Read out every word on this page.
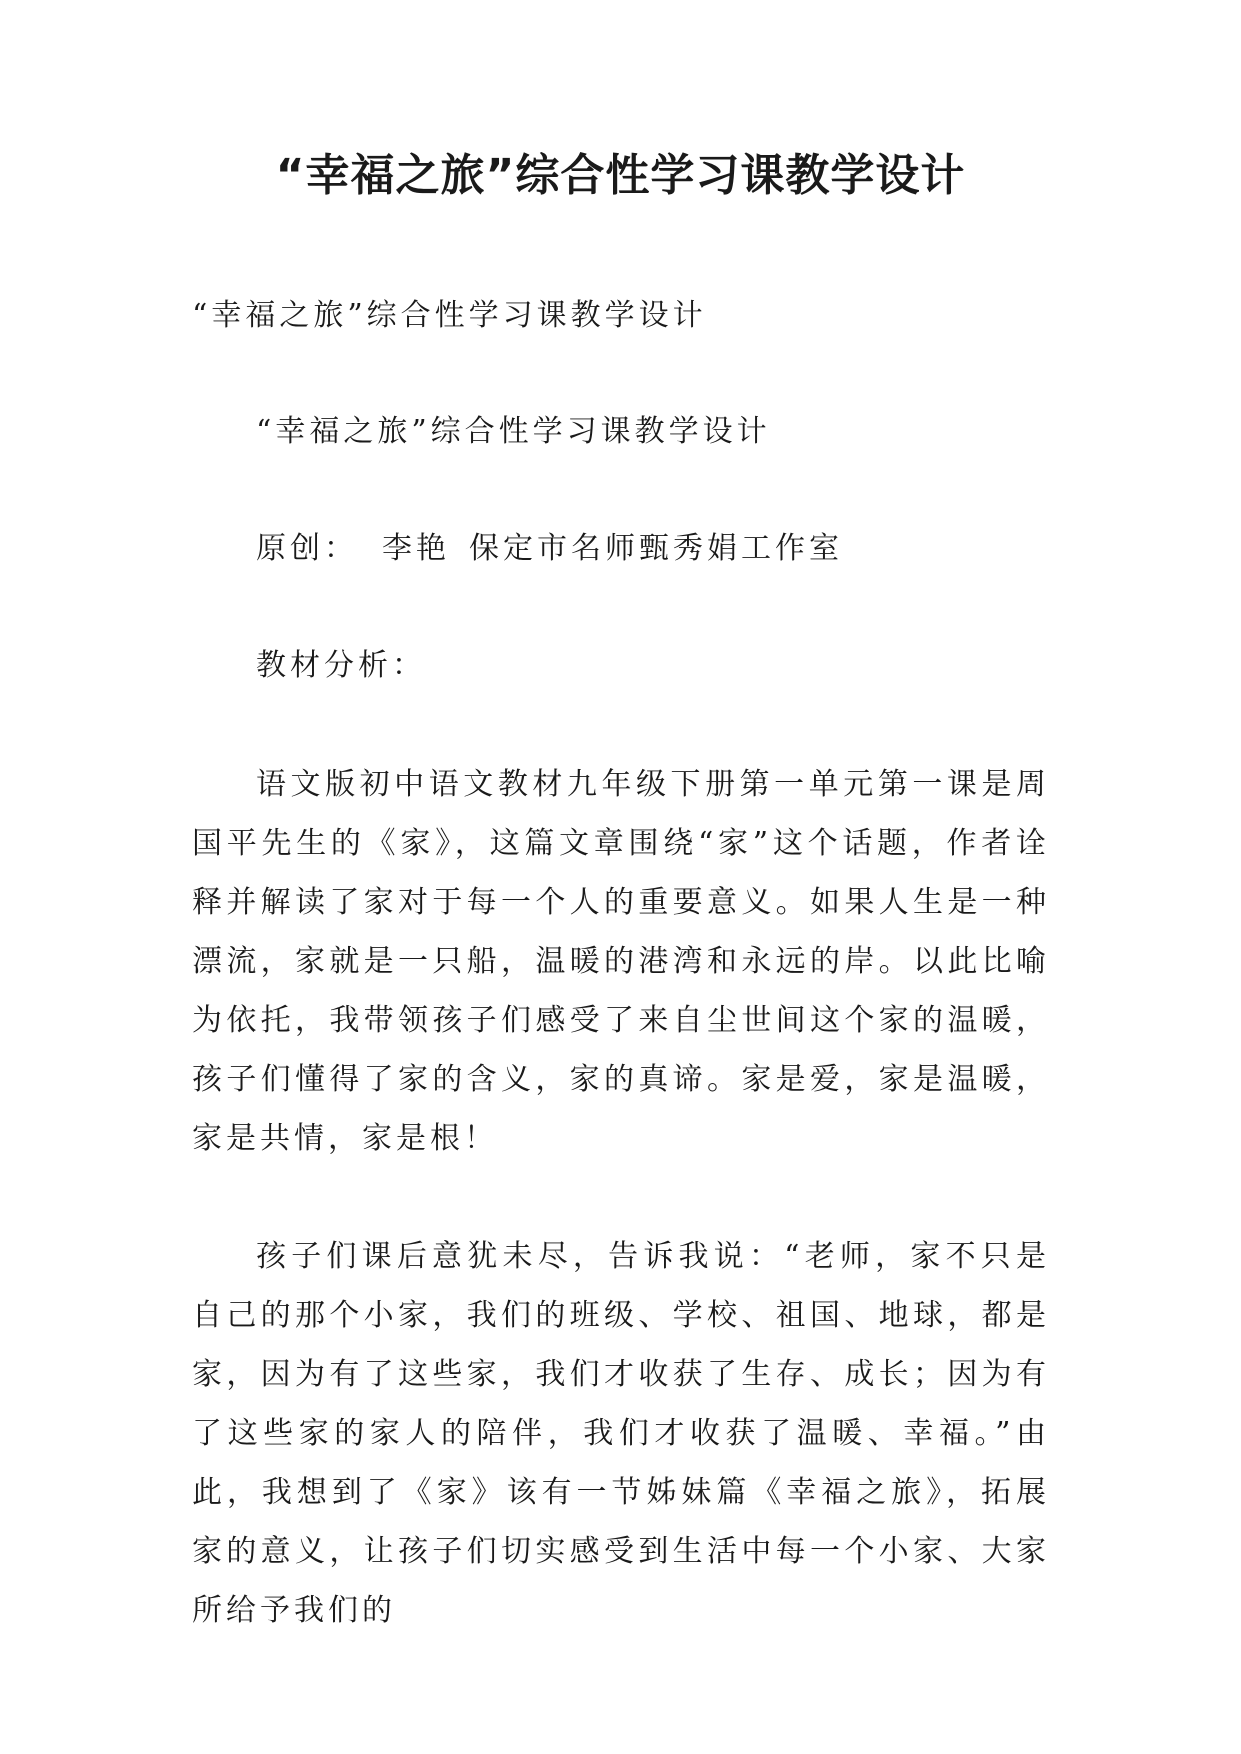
“幸福之旅”综合性学习课教学设计

“幸福之旅”综合性学习课教学设计

“幸福之旅”综合性学习课教学设计

原创： 李艳  保定市名师甄秀娟工作室

教材分析：

语文版初中语文教材九年级下册第一单元第一课是周国平先生的《家》，这篇文章围绕“家”这个话题，作者诠释并解读了家对于每一个人的重要意义。如果人生是一种漂流，家就是一只船，温暖的港湾和永远的岸。以此比喻为依托，我带领孩子们感受了来自尘世间这个家的温暖，孩子们懂得了家的含义，家的真谛。家是爱，家是温暖，家是共情，家是根！

孩子们课后意犹未尽，告诉我说：“老师，家不只是自己的那个小家，我们的班级、学校、祖国、地球，都是家，因为有了这些家，我们才收获了生存、成长；因为有了这些家的家人的陪伴，我们才收获了温暖、幸福。”由此，我想到了《家》该有一节姊妹篇《幸福之旅》，拓展家的意义，让孩子们切实感受到生活中每一个小家、大家所给予我们的
